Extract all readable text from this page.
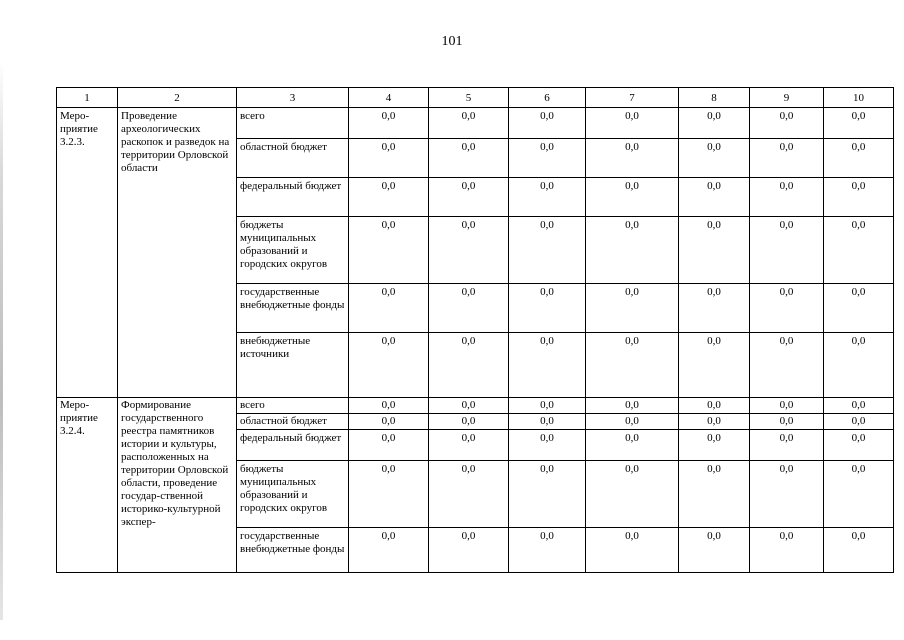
101
1	2	3	4	5	6	7	8	9	10
Меро-приятие 3.2.3.	Проведение археологических раскопок и разведок на территории Орловской области	всего	0,0	0,0	0,0	0,0	0,0	0,0	0,0
		областной бюджет	0,0	0,0	0,0	0,0	0,0	0,0	0,0
		федеральный бюджет	0,0	0,0	0,0	0,0	0,0	0,0	0,0
		бюджеты муниципальных образований и городских округов	0,0	0,0	0,0	0,0	0,0	0,0	0,0
		государственные внебюджетные фонды	0,0	0,0	0,0	0,0	0,0	0,0	0,0
		внебюджетные источники	0,0	0,0	0,0	0,0	0,0	0,0	0,0
Меро-приятие 3.2.4.	Формирование государственного реестра памятников истории и культуры, расположенных на территории Орловской области, проведение государ-ственной историко-культурной экспер-	всего	0,0	0,0	0,0	0,0	0,0	0,0	0,0
		областной бюджет	0,0	0,0	0,0	0,0	0,0	0,0	0,0
		федеральный бюджет	0,0	0,0	0,0	0,0	0,0	0,0	0,0
		бюджеты муниципальных образований и городских округов	0,0	0,0	0,0	0,0	0,0	0,0	0,0
		государственные внебюджетные фонды	0,0	0,0	0,0	0,0	0,0	0,0	0,0
